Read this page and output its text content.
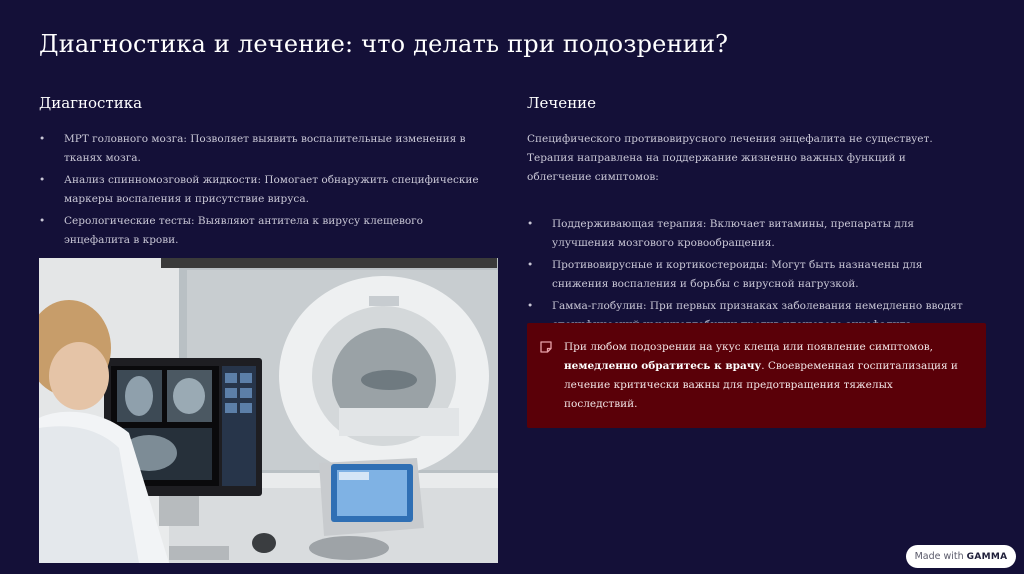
Диагностика и лечение: что делать при подозрении?
Диагностика
• МРТ головного мозга: Позволяет выявить воспалительные изменения в тканях мозга.
• Анализ спинномозговой жидкости: Помогает обнаружить специфические маркеры воспаления и присутствие вируса.
• Серологические тесты: Выявляют антитела к вирусу клещевого энцефалита в крови.
Лечение

Специфического противовирусного лечения энцефалита не существует. Терапия направлена на поддержание жизненно важных функций и облегчение симптомов:

• Поддерживающая терапия: Включает витамины, препараты для улучшения мозгового кровообращения.
• Противовирусные и кортикостероиды: Могут быть назначены для снижения воспаления и борьбы с вирусной нагрузкой.
• Гамма-глобулин: При первых признаках заболевания немедленно вводят

При любом подозрении на укус клеща или появление симптомов, немедленно обратитесь к врачу. Своевременная госпитализация и лечение критически важны для предотвращения тяжелых последствий.

Made with GAMMA
